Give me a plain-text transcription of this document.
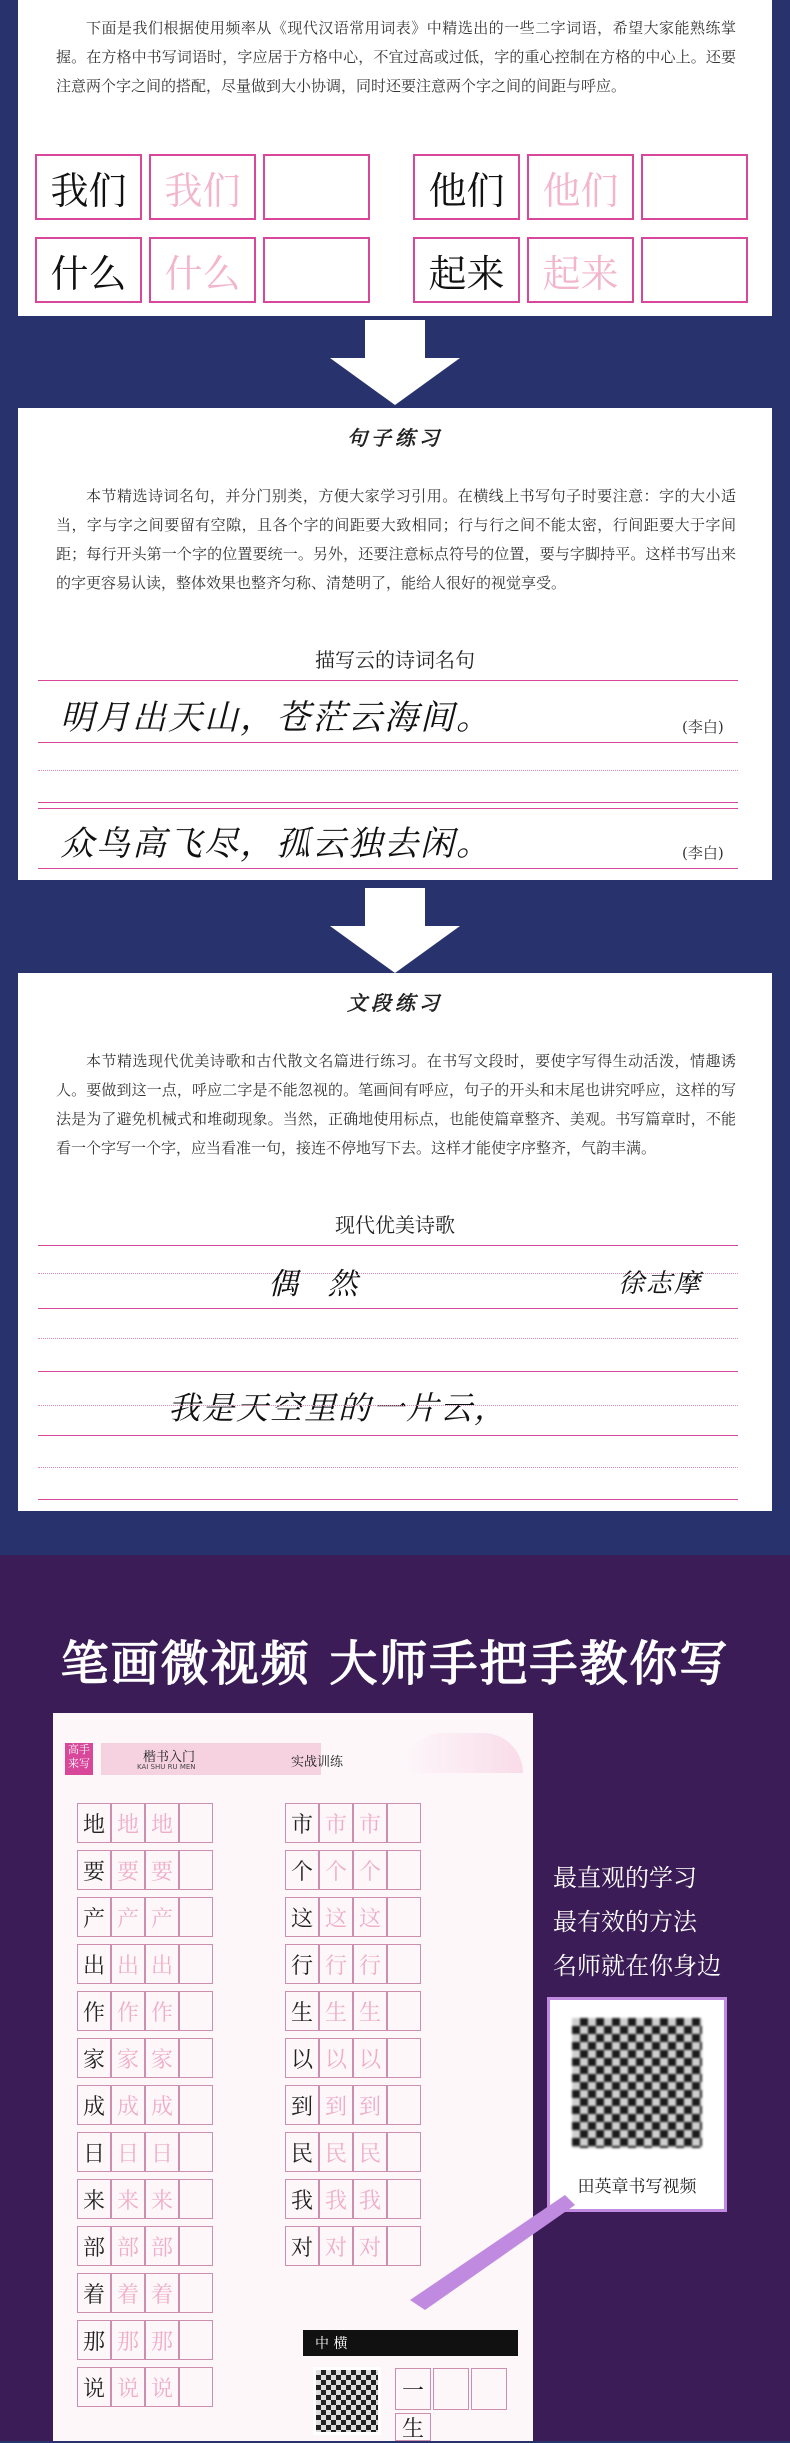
下面是我们根据使用频率从《现代汉语常用词表》中精选出的一些二字词语，希望大家能熟练掌握。在方格中书写词语时，字应居于方格中心，不宜过高或过低，字的重心控制在方格的中心上。还要注意两个字之间的搭配，尽量做到大小协调，同时还要注意两个字之间的间距与呼应。
我们 我们	他们 他们
什么 什么	起来 起来
句子练习
本节精选诗词名句，并分门别类，方便大家学习引用。在横线上书写句子时要注意：字的大小适当，字与字之间要留有空隙，且各个字的间距要大致相同；行与行之间不能太密，行间距要大于字间距；每行开头第一个字的位置要统一。另外，还要注意标点符号的位置，要与字脚持平。这样书写出来的字更容易认读，整体效果也整齐匀称、清楚明了，能给人很好的视觉享受。
描写云的诗词名句
明月出天山，苍茫云海间。	(李白)
众鸟高飞尽，孤云独去闲。	(李白)
文段练习
本节精选现代优美诗歌和古代散文名篇进行练习。在书写文段时，要使字写得生动活泼，情趣诱人。要做到这一点，呼应二字是不能忽视的。笔画间有呼应，句子的开头和末尾也讲究呼应，这样的写法是为了避免机械式和堆砌现象。当然，正确地使用标点，也能使篇章整齐、美观。书写篇章时，不能看一个字写一个字，应当看准一句，接连不停地写下去。这样才能使字序整齐，气韵丰满。
现代优美诗歌
偶 然	徐志摩
我是天空里的一片云，
笔画微视频 大师手把手教你写
高手 来写	楷书入门
KAI SHU RU MEN	实战训练
地 地 地
要 要 要
产 产 产
出 出 出
作 作 作
家 家 家
成 成 成
日 日 日
来 来 来
部 部 部
着 着 着
那 那 那
说 说 说
市 市 市
个 个 个
这 这 这
行 行 行
生 生 生
以 以 以
到 到 到
民 民 民
我 我 我
对 对 对
中 横
一
生
最直观的学习
最有效的方法
名师就在你身边
田英章书写视频
